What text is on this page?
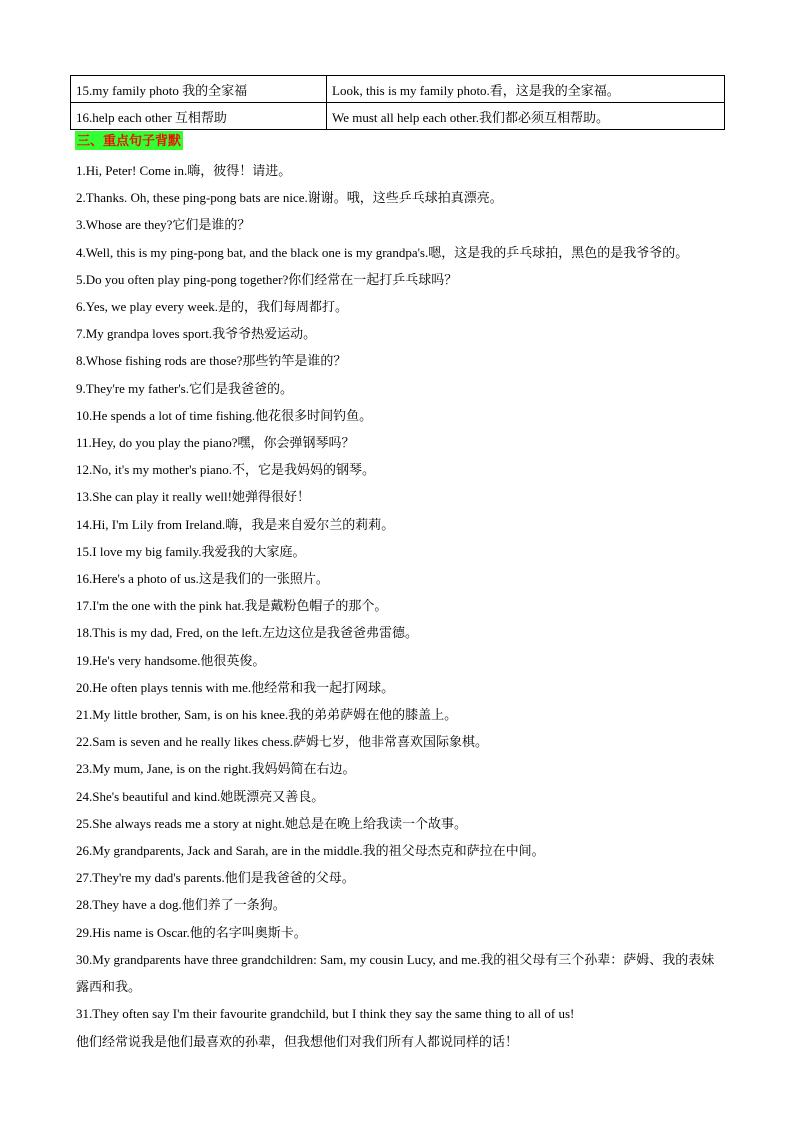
15.my family photo 我的全家福	Look, this is my family photo.看，这是我的全家福。
16.help each other 互相帮助	We must all help each other.我们都必须互相帮助。
三、重点句子背默
1.Hi, Peter! Come in.嗨，彼得！请进。
2.Thanks. Oh, these ping-pong bats are nice.谢谢。哦，这些乒乓球拍真漂亮。
3.Whose are they?它们是谁的？
4.Well, this is my ping-pong bat, and the black one is my grandpa's.嗯，这是我的乒乓球拍，黑色的是我爷爷的。
5.Do you often play ping-pong together?你们经常在一起打乒乓球吗？
6.Yes, we play every week.是的，我们每周都打。
7.My grandpa loves sport.我爷爷热爱运动。
8.Whose fishing rods are those?那些钓竿是谁的？
9.They're my father's.它们是我爸爸的。
10.He spends a lot of time fishing.他花很多时间钓鱼。
11.Hey, do you play the piano?嘿，你会弹钢琴吗？
12.No, it's my mother's piano.不，它是我妈妈的钢琴。
13.She can play it really well!她弹得很好！
14.Hi, I'm Lily from Ireland.嗨，我是来自爱尔兰的莉莉。
15.I love my big family.我爱我的大家庭。
16.Here's a photo of us.这是我们的一张照片。
17.I'm the one with the pink hat.我是戴粉色帽子的那个。
18.This is my dad, Fred, on the left.左边这位是我爸爸弗雷德。
19.He's very handsome.他很英俊。
20.He often plays tennis with me.他经常和我一起打网球。
21.My little brother, Sam, is on his knee.我的弟弟萨姆在他的膝盖上。
22.Sam is seven and he really likes chess.萨姆七岁，他非常喜欢国际象棋。
23.My mum, Jane, is on the right.我妈妈简在右边。
24.She's beautiful and kind.她既漂亮又善良。
25.She always reads me a story at night.她总是在晚上给我读一个故事。
26.My grandparents, Jack and Sarah, are in the middle.我的祖父母杰克和萨拉在中间。
27.They're my dad's parents.他们是我爸爸的父母。
28.They have a dog.他们养了一条狗。
29.His name is Oscar.他的名字叫奥斯卡。
30.My grandparents have three grandchildren: Sam, my cousin Lucy, and me.我的祖父母有三个孙辈：萨姆、我的表妹露西和我。
31.They often say I'm their favourite grandchild, but I think they say the same thing to all of us!
他们经常说我是他们最喜欢的孙辈，但我想他们对我们所有人都说同样的话！
